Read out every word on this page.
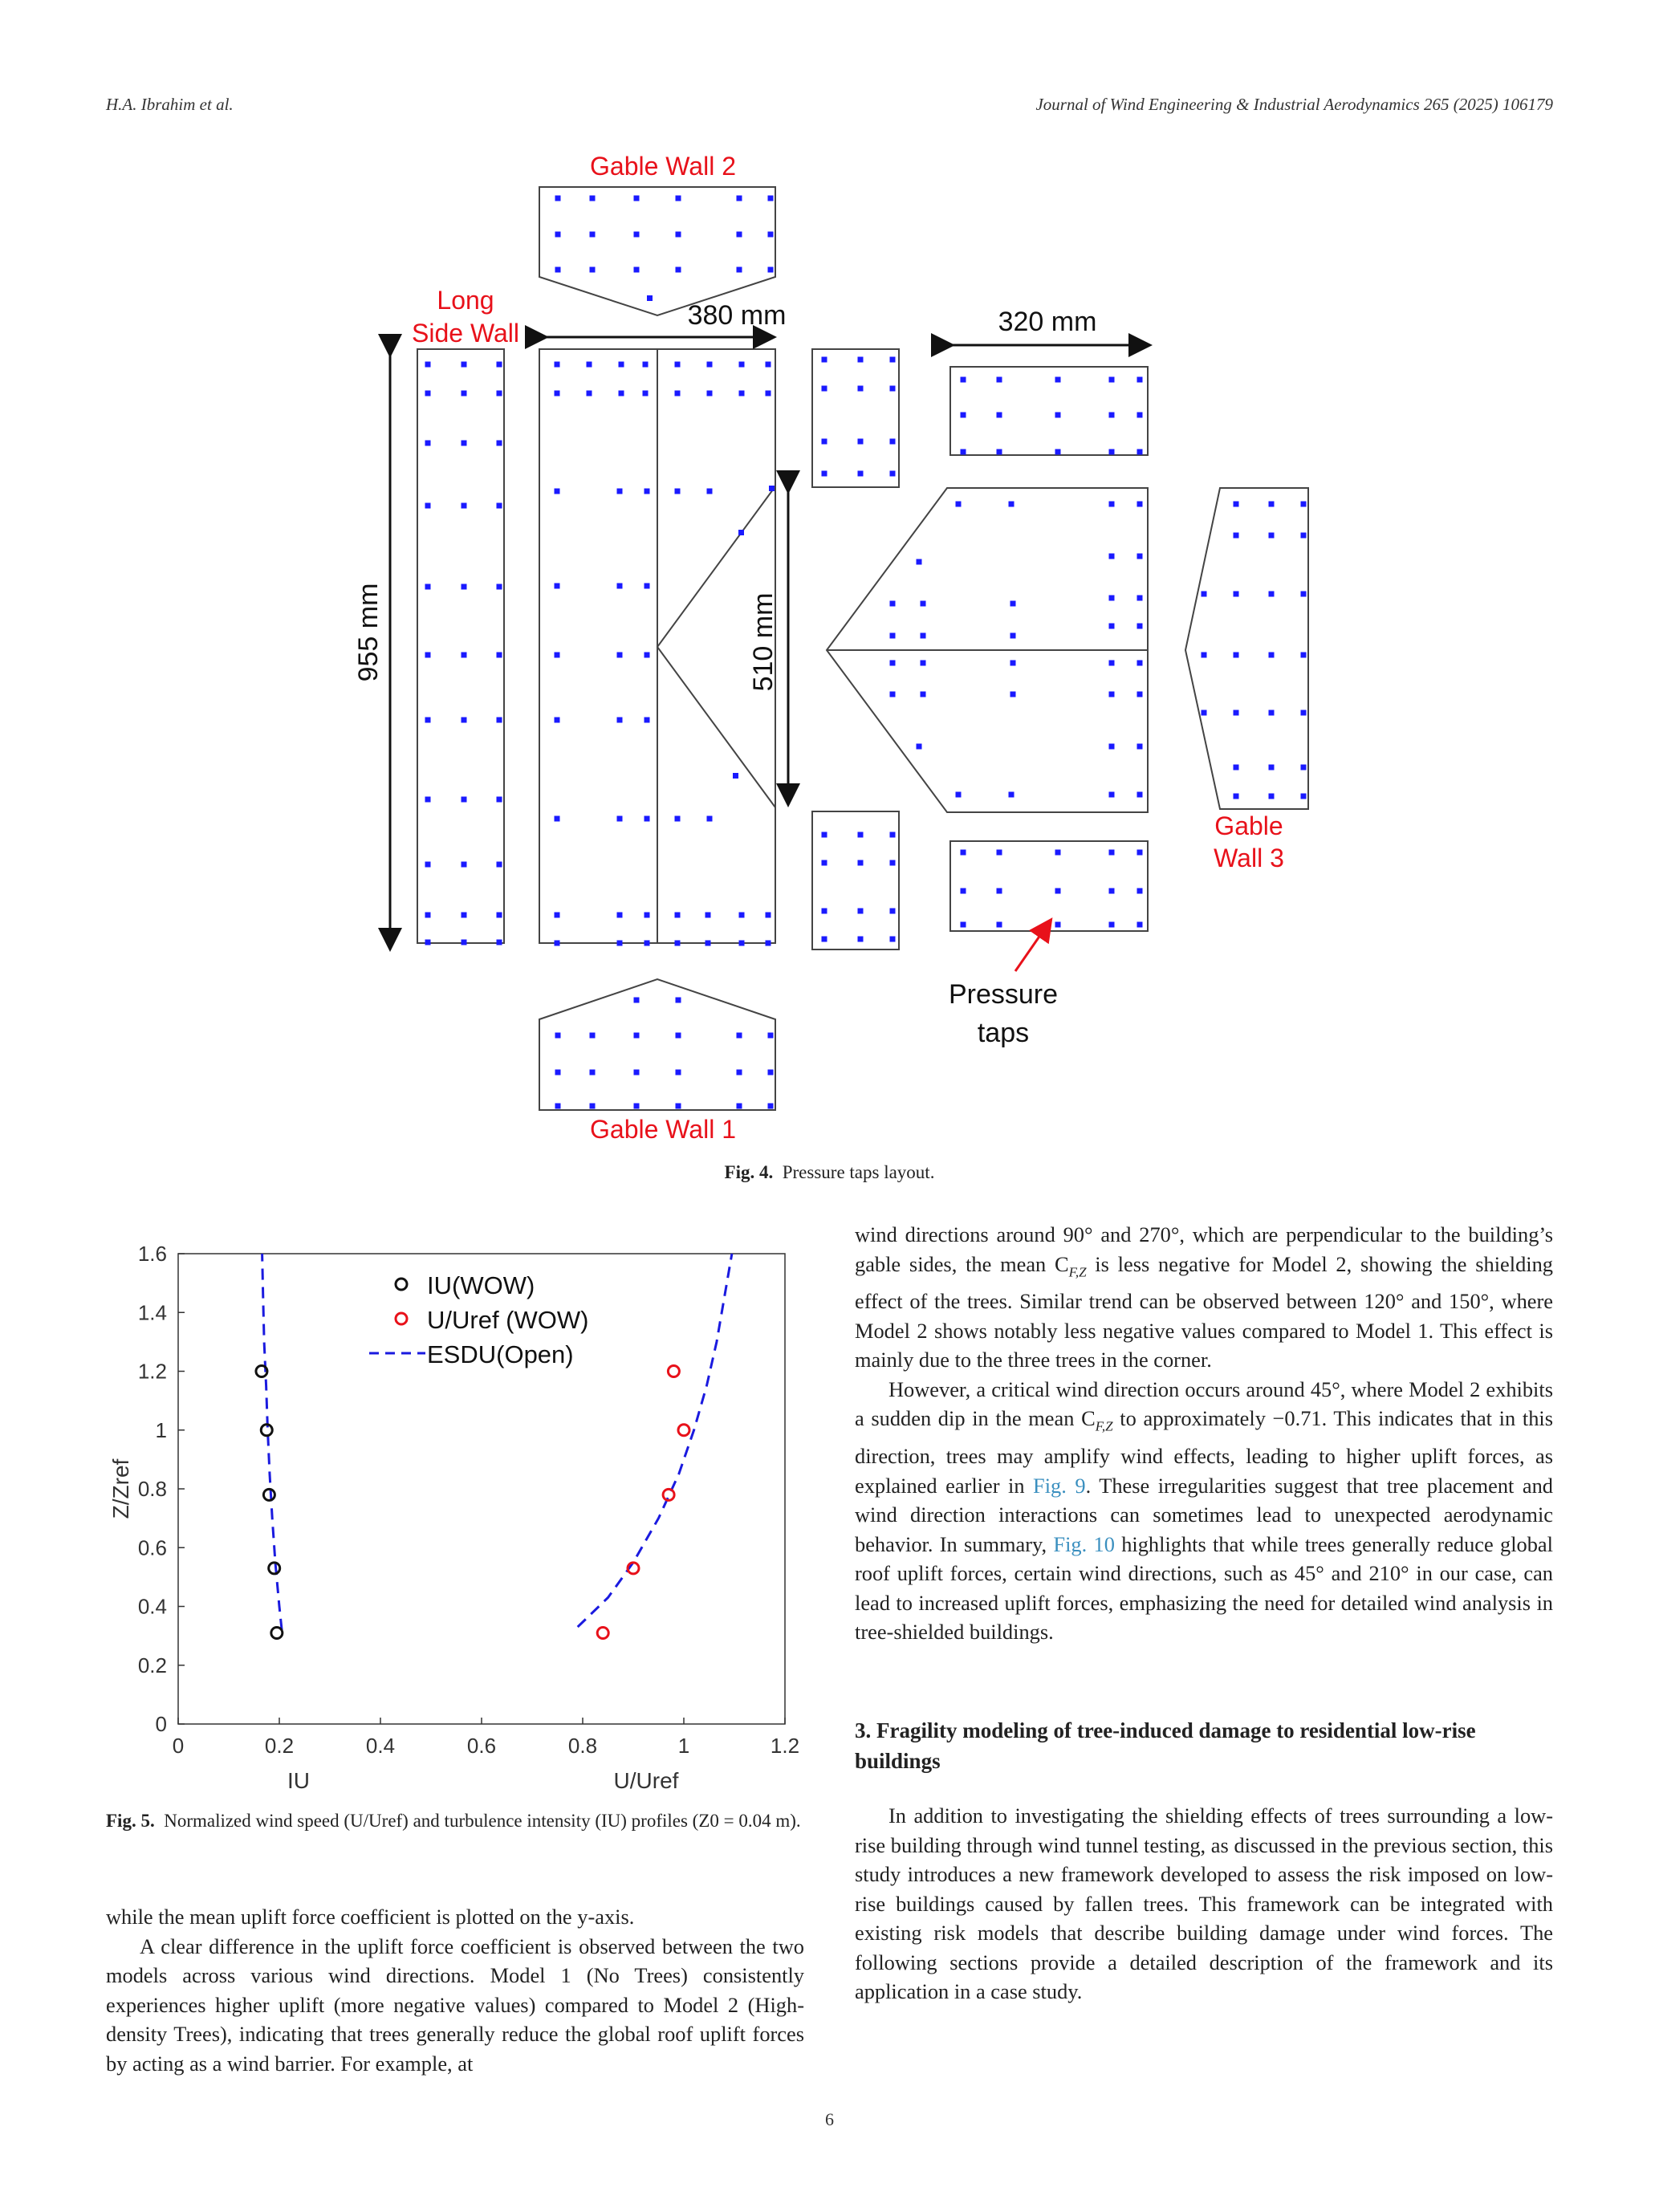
H.A. Ibrahim et al.	Journal of Wind Engineering & Industrial Aerodynamics 265 (2025) 106179
Gable Wall 2
Long
Side Wall
380 mm	320 mm
955 mm	510 mm
Gable
Wall 3
Pressure
taps
Gable Wall 1
Fig. 4. Pressure taps layout.
0	0.2	0.4	0.6	0.8	1	1.2
0
0.2
0.4
0.6
0.8
1
1.2
1.4
1.6
IU(WOW)
U/Uref (WOW)
ESDU(Open)
Z/Zref
IU	U/Uref
Fig. 5. Normalized wind speed (U/Uref) and turbulence intensity (IU) profiles (Z0 = 0.04 m).

while the mean uplift force coefficient is plotted on the y-axis.

A clear difference in the uplift force coefficient is observed between the two models across various wind directions. Model 1 (No Trees) consistently experiences higher uplift (more negative values) compared to Model 2 (High-density Trees), indicating that trees generally reduce the global roof uplift forces by acting as a wind barrier. For example, at

wind directions around 90° and 270°, which are perpendicular to the building’s gable sides, the mean $C_{F,Z}$ is less negative for Model 2, showing the shielding effect of the trees. Similar trend can be observed between 120° and 150°, where Model 2 shows notably less negative values compared to Model 1. This effect is mainly due to the three trees in the corner.

However, a critical wind direction occurs around 45°, where Model 2 exhibits a sudden dip in the mean $C_{F,Z}$ to approximately −0.71. This indicates that in this direction, trees may amplify wind effects, leading to higher uplift forces, as explained earlier in Fig. 9. These irregularities suggest that tree placement and wind direction interactions can sometimes lead to unexpected aerodynamic behavior. In summary, Fig. 10 highlights that while trees generally reduce global roof uplift forces, certain wind directions, such as 45° and 210° in our case, can lead to increased uplift forces, emphasizing the need for detailed wind analysis in tree-shielded buildings.

3. Fragility modeling of tree-induced damage to residential low-rise buildings

In addition to investigating the shielding effects of trees surrounding a low-rise building through wind tunnel testing, as discussed in the previous section, this study introduces a new framework developed to assess the risk imposed on low-rise buildings caused by fallen trees. This framework can be integrated with existing risk models that describe building damage under wind forces. The following sections provide a detailed description of the framework and its application in a case study.

6
